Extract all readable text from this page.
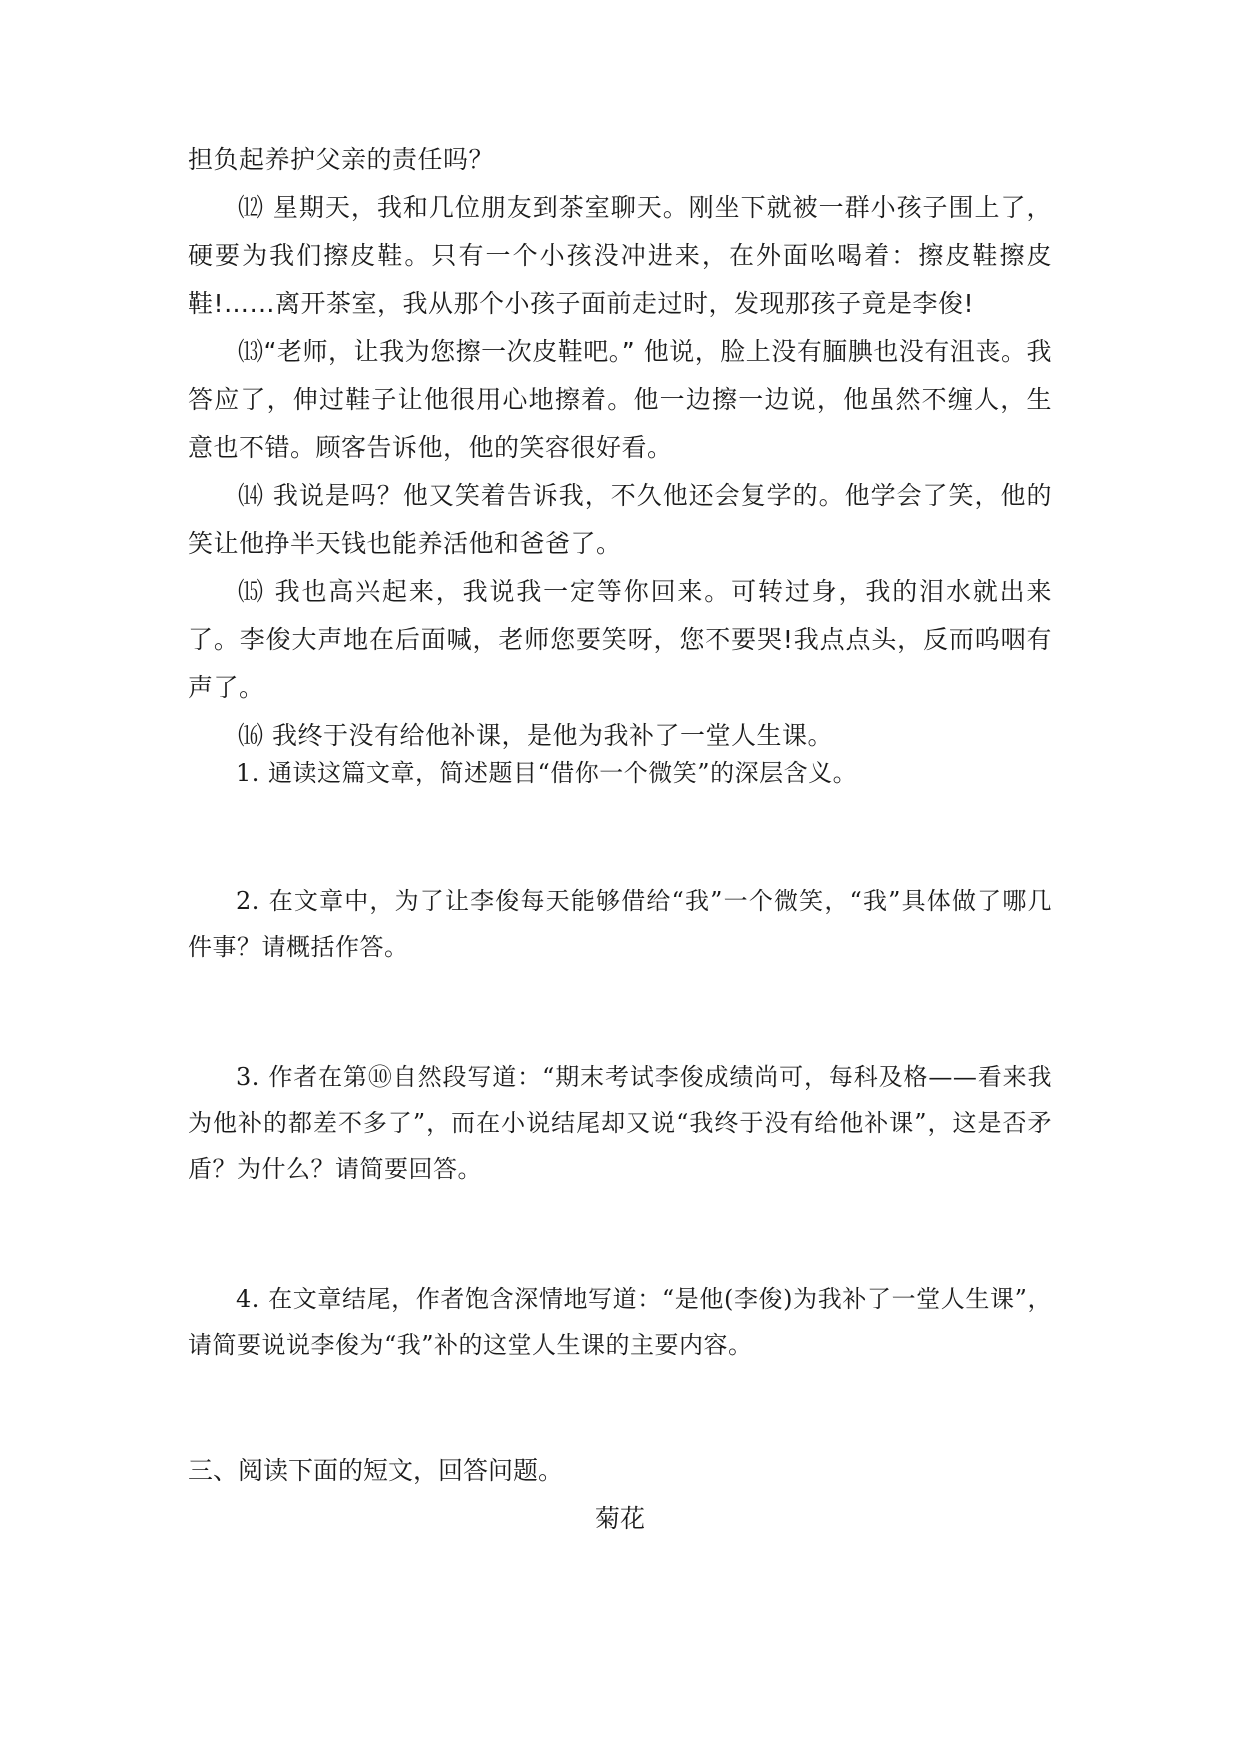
担负起养护父亲的责任吗？

⑿ 星期天，我和几位朋友到茶室聊天。刚坐下就被一群小孩子围上了，硬要为我们擦皮鞋。只有一个小孩没冲进来，在外面吆喝着：擦皮鞋擦皮鞋!……离开茶室，我从那个小孩子面前走过时，发现那孩子竟是李俊!

⒀“老师，让我为您擦一次皮鞋吧。” 他说，脸上没有腼腆也没有沮丧。我答应了，伸过鞋子让他很用心地擦着。他一边擦一边说，他虽然不缠人，生意也不错。顾客告诉他，他的笑容很好看。

⒁ 我说是吗？他又笑着告诉我，不久他还会复学的。他学会了笑，他的笑让他挣半天钱也能养活他和爸爸了。

⒂ 我也高兴起来，我说我一定等你回来。可转过身，我的泪水就出来了。李俊大声地在后面喊，老师您要笑呀，您不要哭!我点点头，反而呜咽有声了。

⒃ 我终于没有给他补课，是他为我补了一堂人生课。

1. 通读这篇文章，简述题目“借你一个微笑”的深层含义。

2. 在文章中，为了让李俊每天能够借给“我”一个微笑，“我”具体做了哪几件事？请概括作答。

3. 作者在第⑩自然段写道：“期末考试李俊成绩尚可，每科及格——看来我为他补的都差不多了”，而在小说结尾却又说“我终于没有给他补课”，这是否矛盾？为什么？请简要回答。

4. 在文章结尾，作者饱含深情地写道：“是他(李俊)为我补了一堂人生课”，请简要说说李俊为“我”补的这堂人生课的主要内容。

三、阅读下面的短文，回答问题。

菊花
